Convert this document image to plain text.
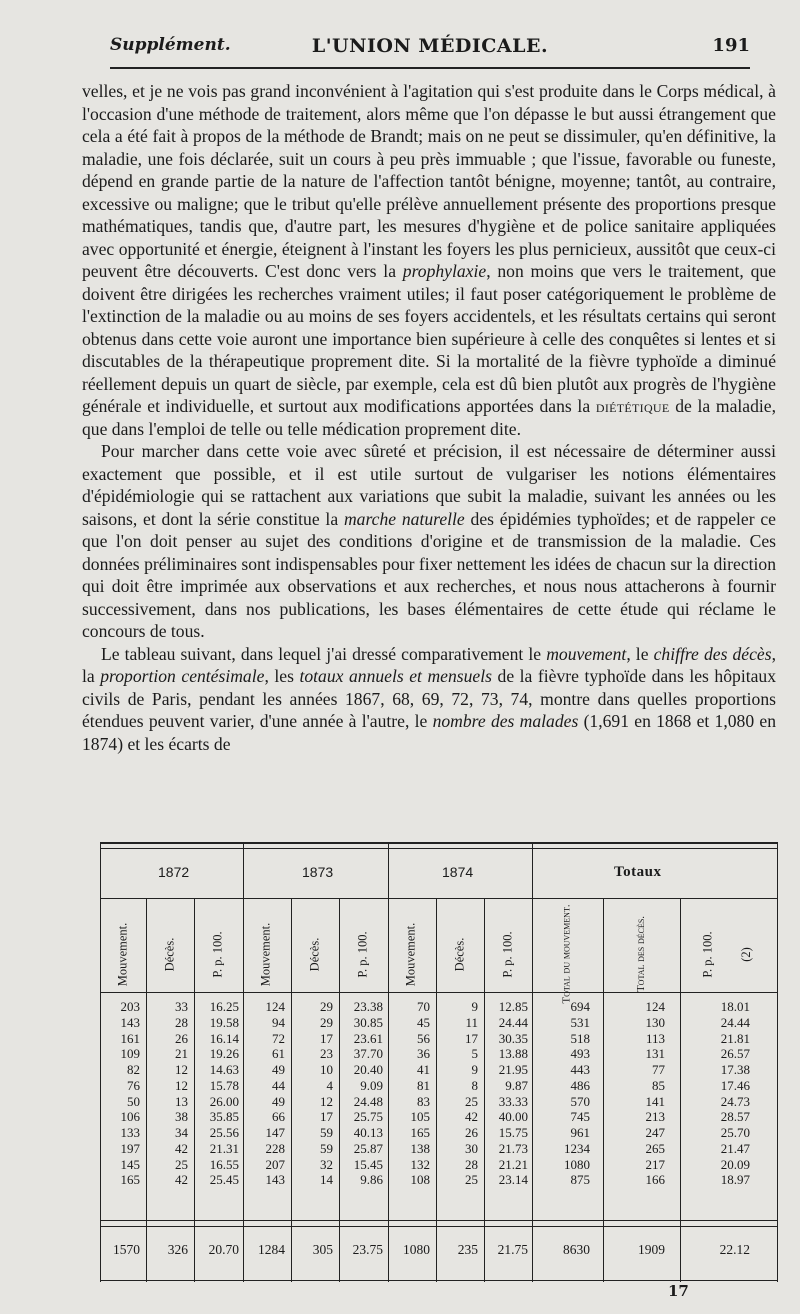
Supplément.	L'UNION MÉDICALE.	191

velles, et je ne vois pas grand inconvénient à l'agitation qui s'est produite dans le Corps médical, à l'occasion d'une méthode de traitement, alors même que l'on dépasse le but aussi étrangement que cela a été fait à propos de la méthode de Brandt; mais on ne peut se dissimuler, qu'en définitive, la maladie, une fois déclarée, suit un cours à peu près immuable ; que l'issue, favorable ou funeste, dépend en grande partie de la nature de l'affection tantôt bénigne, moyenne; tantôt, au contraire, excessive ou maligne; que le tribut qu'elle prélève annuellement présente des proportions presque mathématiques, tandis que, d'autre part, les mesures d'hygiène et de police sanitaire appliquées avec opportunité et énergie, éteignent à l'instant les foyers les plus pernicieux, aussitôt que ceux-ci peuvent être découverts. C'est donc vers la prophylaxie, non moins que vers le traitement, que doivent être dirigées les recherches vraiment utiles; il faut poser catégoriquement le problème de l'extinction de la maladie ou au moins de ses foyers accidentels, et les résultats certains qui seront obtenus dans cette voie auront une importance bien supérieure à celle des conquêtes si lentes et si discutables de la thérapeutique proprement dite. Si la mortalité de la fièvre typhoïde a diminué réellement depuis un quart de siècle, par exemple, cela est dû bien plutôt aux progrès de l'hygiène générale et individuelle, et surtout aux modifications apportées dans la diététique de la maladie, que dans l'emploi de telle ou telle médication proprement dite.

Pour marcher dans cette voie avec sûreté et précision, il est nécessaire de déterminer aussi exactement que possible, et il est utile surtout de vulgariser les notions élémentaires d'épidémiologie qui se rattachent aux variations que subit la maladie, suivant les années ou les saisons, et dont la série constitue la marche naturelle des épidémies typhoïdes; et de rappeler ce que l'on doit penser au sujet des conditions d'origine et de transmission de la maladie. Ces données préliminaires sont indispensables pour fixer nettement les idées de chacun sur la direction qui doit être imprimée aux observations et aux recherches, et nous nous attacherons à fournir successivement, dans nos publications, les bases élémentaires de cette étude qui réclame le concours de tous.

Le tableau suivant, dans lequel j'ai dressé comparativement le mouvement, le chiffre des décès, la proportion centésimale, les totaux annuels et mensuels de la fièvre typhoïde dans les hôpitaux civils de Paris, pendant les années 1867, 68, 69, 72, 73, 74, montre dans quelles proportions étendues peuvent varier, d'une année à l'autre, le nombre des malades (1,691 en 1868 et 1,080 en 1874) et les écarts de

1872	1873	1874	Totaux
Mouvement.	Décès.	P. p. 100.	Mouvement.	Décès.	P. p. 100.	Mouvement.	Décès.	P. p. 100.	Total du mouvement.	Total des décès.	P. p. 100. (2)
203	33	16.25	124	29	23.38	70	9	12.85	694	124	18.01
143	28	19.58	94	29	30.85	45	11	24.44	531	130	24.44
161	26	16.14	72	17	23.61	56	17	30.35	518	113	21.81
109	21	19.26	61	23	37.70	36	5	13.88	493	131	26.57
82	12	14.63	49	10	20.40	41	9	21.95	443	77	17.38
76	12	15.78	44	4	9.09	81	8	9.87	486	85	17.46
50	13	26.00	49	12	24.48	83	25	33.33	570	141	24.73
106	38	35.85	66	17	25.75	105	42	40.00	745	213	28.57
133	34	25.56	147	59	40.13	165	26	15.75	961	247	25.70
197	42	21.31	228	59	25.87	138	30	21.73	1234	265	21.47
145	25	16.55	207	32	15.45	132	28	21.21	1080	217	20.09
165	42	25.45	143	14	9.86	108	25	23.14	875	166	18.97
1570	326	20.70	1284	305	23.75	1080	235	21.75	8630	1909	22.12
17
